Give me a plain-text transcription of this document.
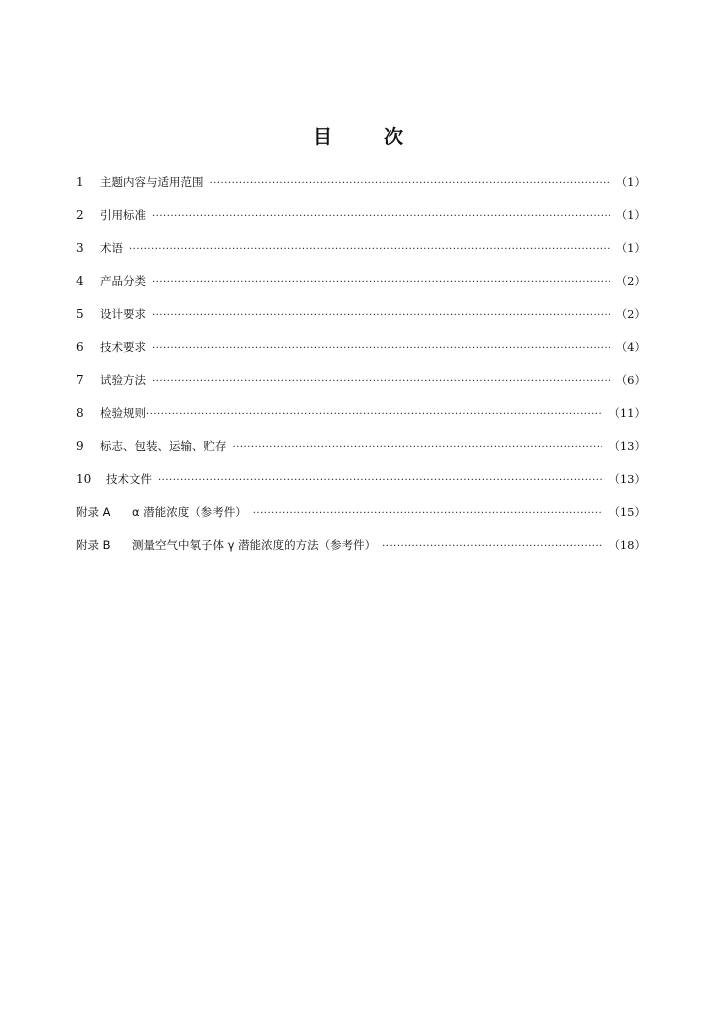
目	次
1	主题内容与适用范围 ·····	（1）
2	引用标准 ·····	（1）
3	术语 ·····	（1）
4	产品分类 ·····	（2）
5	设计要求 ·····	（2）
6	技术要求 ·····	（4）
7	试验方法 ·····	（6）
8	检验规则 ·····	（11）
9	标志、包装、运输、贮存 ·····	（13）
10	技术文件 ·····	（13）
附录 A	α 潜能浓度（参考件） ·····	（15）
附录 B	测量空气中氡子体 γ 潜能浓度的方法（参考件） ·····	（18）
